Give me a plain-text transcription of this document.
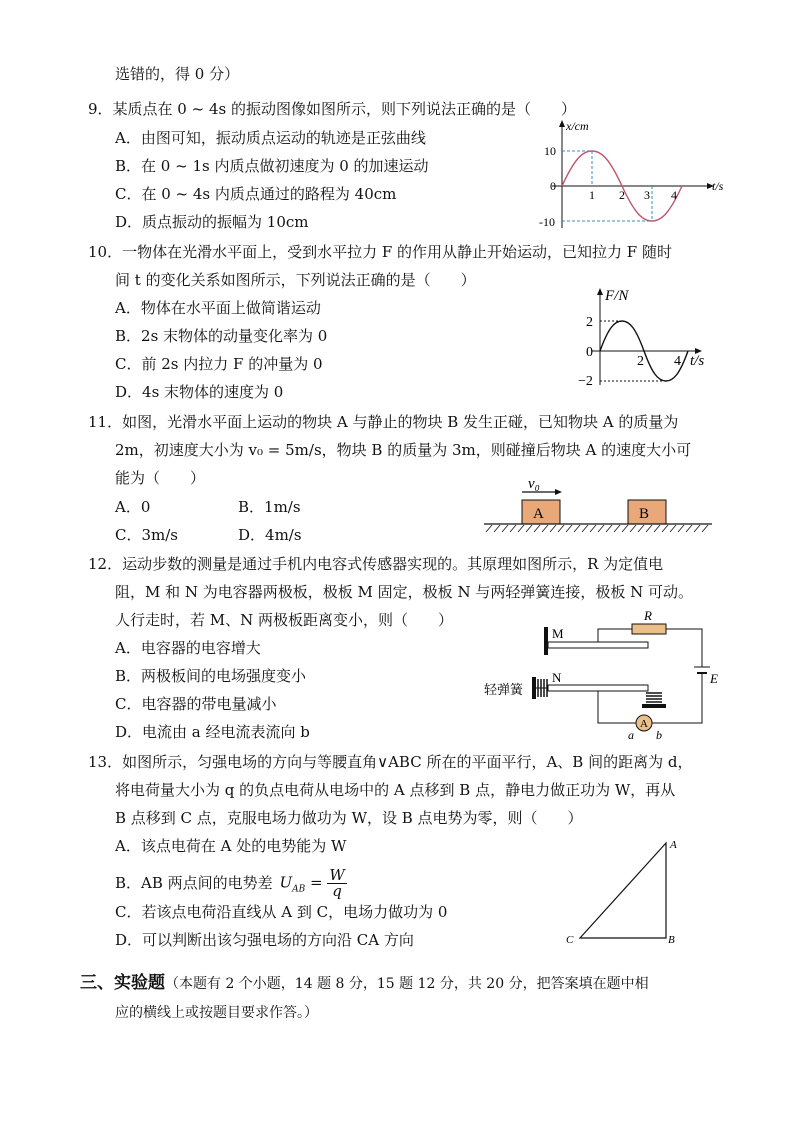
选错的，得 0 分）
9．某质点在 0 ~ 4s 的振动图像如图所示，则下列说法正确的是（　　）
A．由图可知，振动质点运动的轨迹是正弦曲线
B．在 0 ~ 1s 内质点做初速度为 0 的加速运动
C．在 0 ~ 4s 内质点通过的路程为 40cm
D．质点振动的振幅为 10cm
x/cm
t/s
10
0
-10
1 2 3 4
10．一物体在光滑水平面上，受到水平拉力 F 的作用从静止开始运动，已知拉力 F 随时
间 t 的变化关系如图所示，下列说法正确的是（　　）
A．物体在水平面上做简谐运动
B．2s 末物体的动量变化率为 0
C．前 2s 内拉力 F 的冲量为 0
D．4s 末物体的速度为 0
F/N
t/s
2
0
−2
2 4
11．如图，光滑水平面上运动的物块 A 与静止的物块 B 发生正碰，已知物块 A 的质量为
2m，初速度大小为 v₀ = 5m/s，物块 B 的质量为 3m，则碰撞后物块 A 的速度大小可
能为（　　）
A．0	B．1m/s
C．3m/s	D．4m/s
v₀
A	B
12．运动步数的测量是通过手机内电容式传感器实现的。其原理如图所示，R 为定值电
阻，M 和 N 为电容器两极板，极板 M 固定，极板 N 与两轻弹簧连接，极板 N 可动。
人行走时，若 M、N 两极板距离变小，则（　　）
A．电容器的电容增大
B．两极板间的电场强度变小
C．电容器的带电量减小
D．电流由 a 经电流表流向 b
M
R
E
A
a b
N
轻弹簧
13．如图所示，匀强电场的方向与等腰直角∨ABC 所在的平面平行，A、B 间的距离为 d，
将电荷量大小为 q 的负点电荷从电场中的 A 点移到 B 点，静电力做正功为 W，再从
B 点移到 C 点，克服电场力做功为 W，设 B 点电势为零，则（　　）
A．该点电荷在 A 处的电势能为 W
B．AB 两点间的电势差 $U_{AB} = \frac{W}{q}$
C．若该点电荷沿直线从 A 到 C，电场力做功为 0
D．可以判断出该匀强电场的方向沿 CA 方向
A
B
C
三、实验题（本题有 2 个小题，14 题 8 分，15 题 12 分，共 20 分，把答案填在题中相
应的横线上或按题目要求作答。）
